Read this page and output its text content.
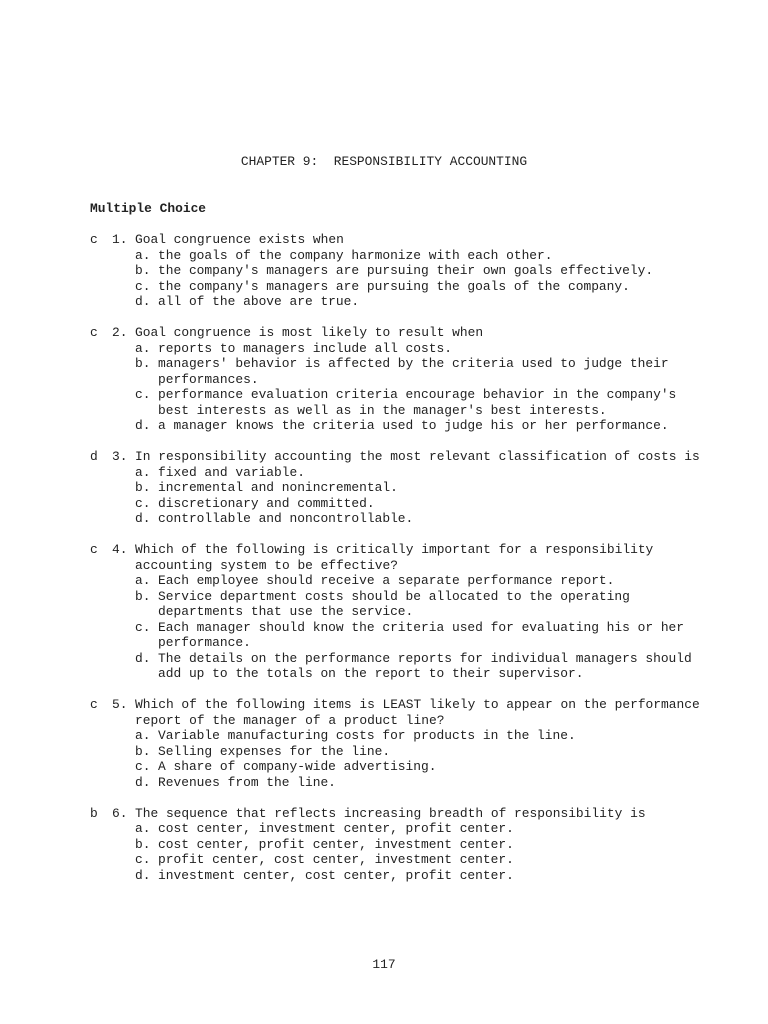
CHAPTER 9:  RESPONSIBILITY ACCOUNTING
Multiple Choice
c	1. Goal congruence exists when
a. the goals of the company harmonize with each other.
b. the company's managers are pursuing their own goals effectively.
c. the company's managers are pursuing the goals of the company.
d. all of the above are true.
c	2. Goal congruence is most likely to result when
a. reports to managers include all costs.
b. managers' behavior is affected by the criteria used to judge their performances.
c. performance evaluation criteria encourage behavior in the company's best interests as well as in the manager's best interests.
d. a manager knows the criteria used to judge his or her performance.
d	3. In responsibility accounting the most relevant classification of costs is
a. fixed and variable.
b. incremental and nonincremental.
c. discretionary and committed.
d. controllable and noncontrollable.
c	4. Which of the following is critically important for a responsibility accounting system to be effective?
a. Each employee should receive a separate performance report.
b. Service department costs should be allocated to the operating departments that use the service.
c. Each manager should know the criteria used for evaluating his or her performance.
d. The details on the performance reports for individual managers should add up to the totals on the report to their supervisor.
c	5. Which of the following items is LEAST likely to appear on the performance report of the manager of a product line?
a. Variable manufacturing costs for products in the line.
b. Selling expenses for the line.
c. A share of company-wide advertising.
d. Revenues from the line.
b	6. The sequence that reflects increasing breadth of responsibility is
a. cost center, investment center, profit center.
b. cost center, profit center, investment center.
c. profit center, cost center, investment center.
d. investment center, cost center, profit center.
117
